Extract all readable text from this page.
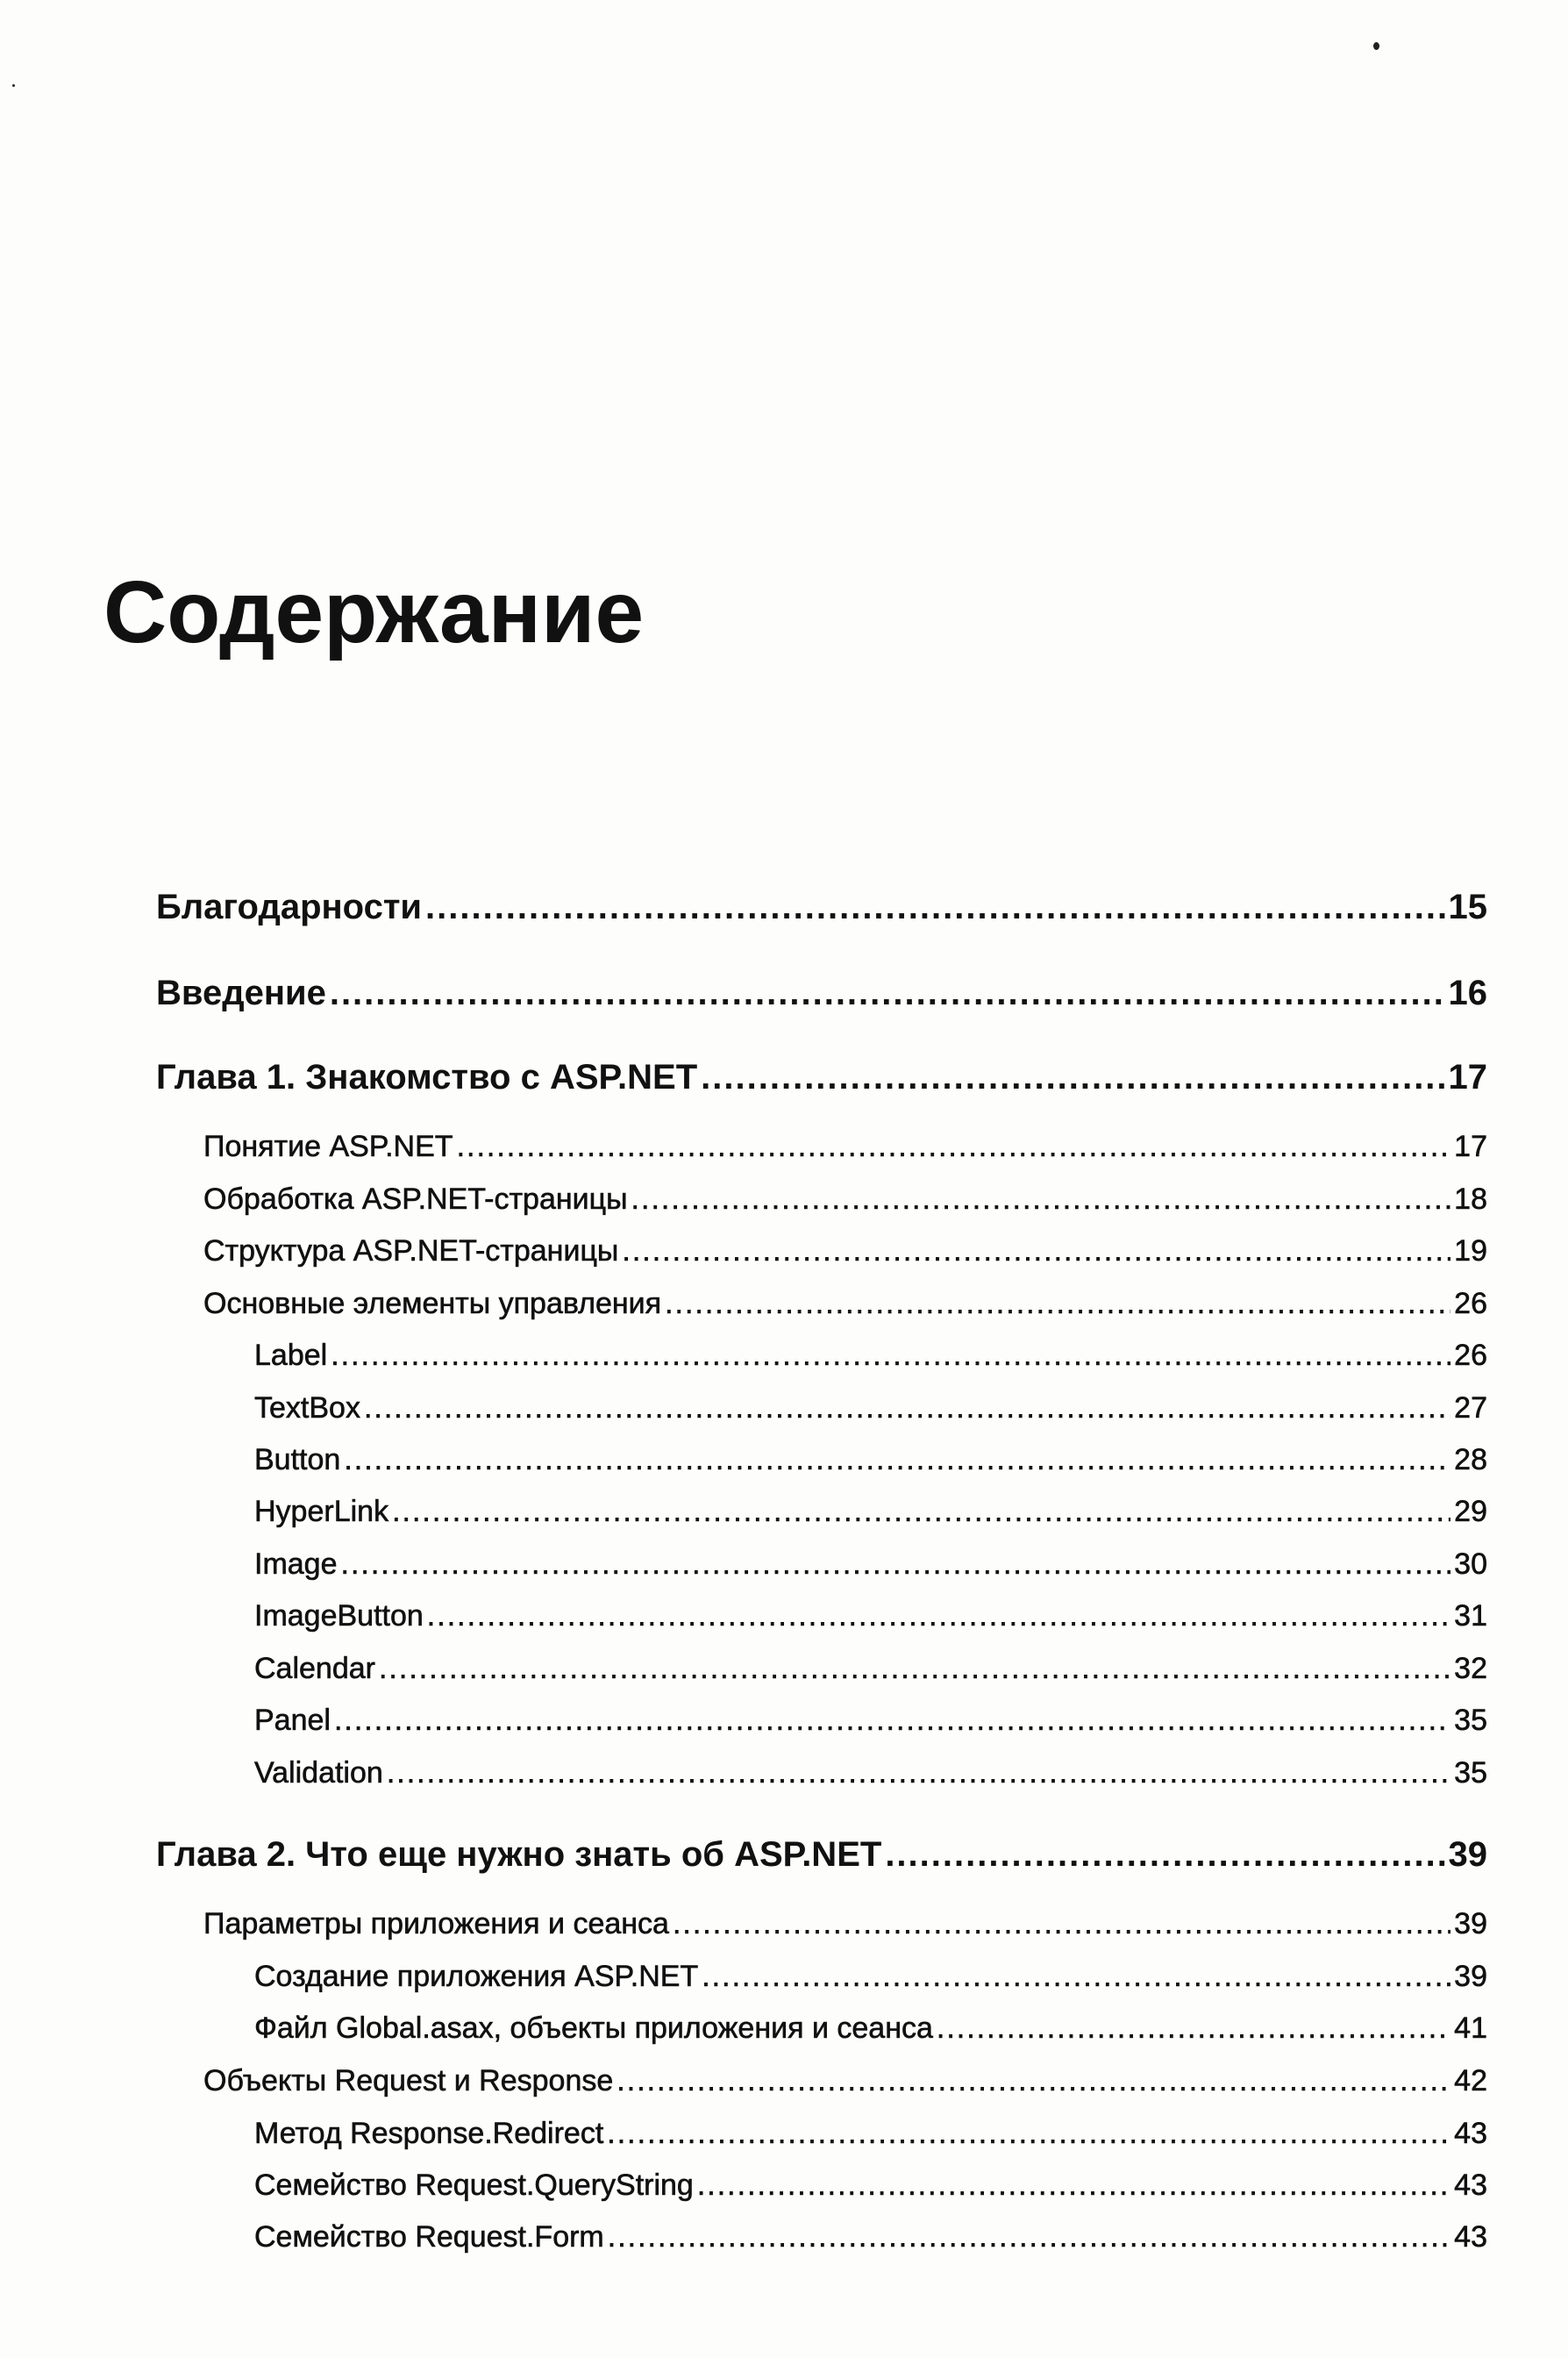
Содержание
Благодарности .....	15
Введение .....	16
Глава 1. Знакомство с ASP.NET .....	17
Понятие ASP.NET .....	17
Обработка ASP.NET-страницы .....	18
Структура ASP.NET-страницы .....	19
Основные элементы управления .....	26
Label .....	26
TextBox .....	27
Button .....	28
HyperLink .....	29
Image .....	30
ImageButton .....	31
Calendar .....	32
Panel .....	35
Validation .....	35
Глава 2. Что еще нужно знать об ASP.NET .....	39
Параметры приложения и сеанса .....	39
Создание приложения ASP.NET .....	39
Файл Global.asax, объекты приложения и сеанса .....	41
Объекты Request и Response .....	42
Метод Response.Redirect .....	43
Семейство Request.QueryString .....	43
Семейство Request.Form .....	43
